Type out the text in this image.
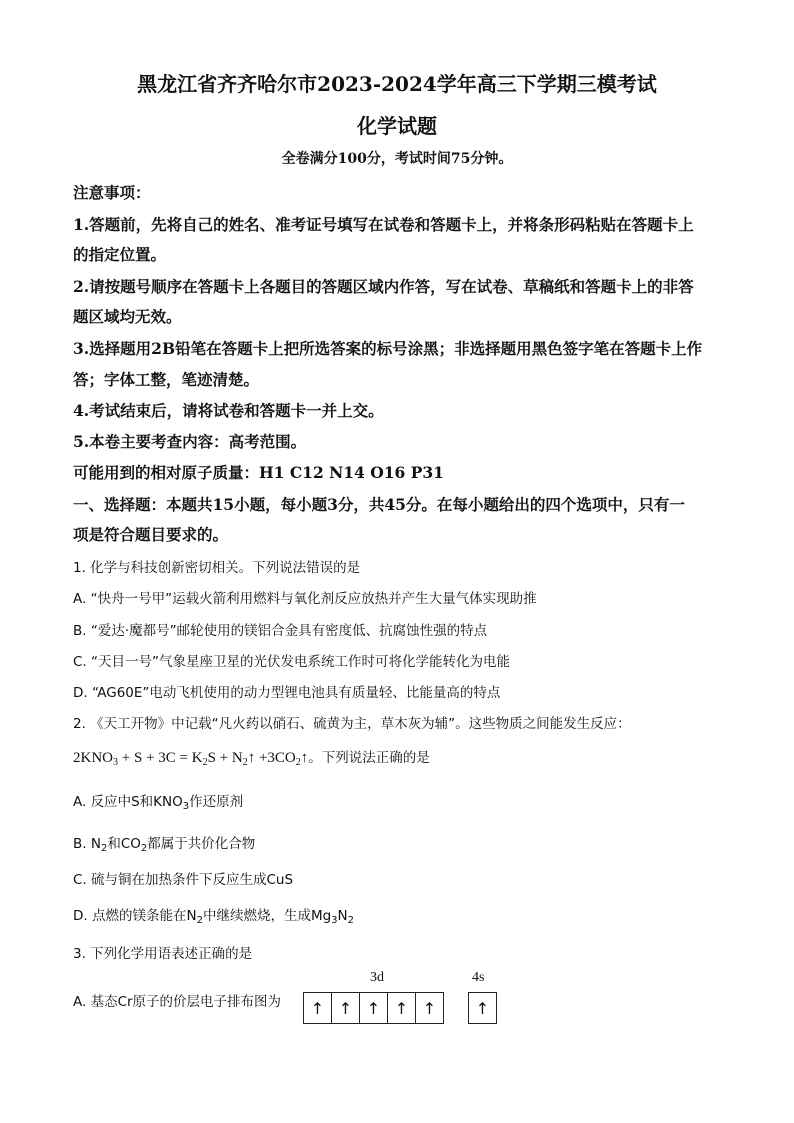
黑龙江省齐齐哈尔市2023-2024学年高三下学期三模考试
化学试题
全卷满分100分，考试时间75分钟。
注意事项：
1.答题前，先将自己的姓名、准考证号填写在试卷和答题卡上，并将条形码粘贴在答题卡上
的指定位置。
2.请按题号顺序在答题卡上各题目的答题区域内作答，写在试卷、草稿纸和答题卡上的非答
题区域均无效。
3.选择题用2B铅笔在答题卡上把所选答案的标号涂黑；非选择题用黑色签字笔在答题卡上作
答；字体工整，笔迹清楚。
4.考试结束后，请将试卷和答题卡一并上交。
5.本卷主要考查内容：高考范围。
可能用到的相对原子质量：H1 C12 N14 O16 P31
一、选择题：本题共15小题，每小题3分，共45分。在每小题给出的四个选项中，只有一
项是符合题目要求的。
1. 化学与科技创新密切相关。下列说法错误的是
A. “快舟一号甲”运载火箭利用燃料与氧化剂反应放热并产生大量气体实现助推
B. “爱达·魔都号”邮轮使用的镁铝合金具有密度低、抗腐蚀性强的特点
C. “天目一号”气象星座卫星的光伏发电系统工作时可将化学能转化为电能
D. “AG60E”电动飞机使用的动力型锂电池具有质量轻、比能量高的特点
2. 《天工开物》中记载“凡火药以硝石、硫黄为主，草木灰为辅”。这些物质之间能发生反应：
$2KNO_3 + S + 3C = K_2S$ + $N_2↑$ $+3CO_2↑$。下列说法正确的是
A. 反应中S和$KNO_3$作还原剂
B. $N_2$和$CO_2$都属于共价化合物
C. 硫与铜在加热条件下反应生成CuS
D. 点燃的镁条能在$N_2$中继续燃烧，生成$Mg_3N_2$
3. 下列化学用语表述正确的是
A. 基态Cr原子的价层电子排布图为
3d	4s
↑ ↑ ↑ ↑ ↑	↑
